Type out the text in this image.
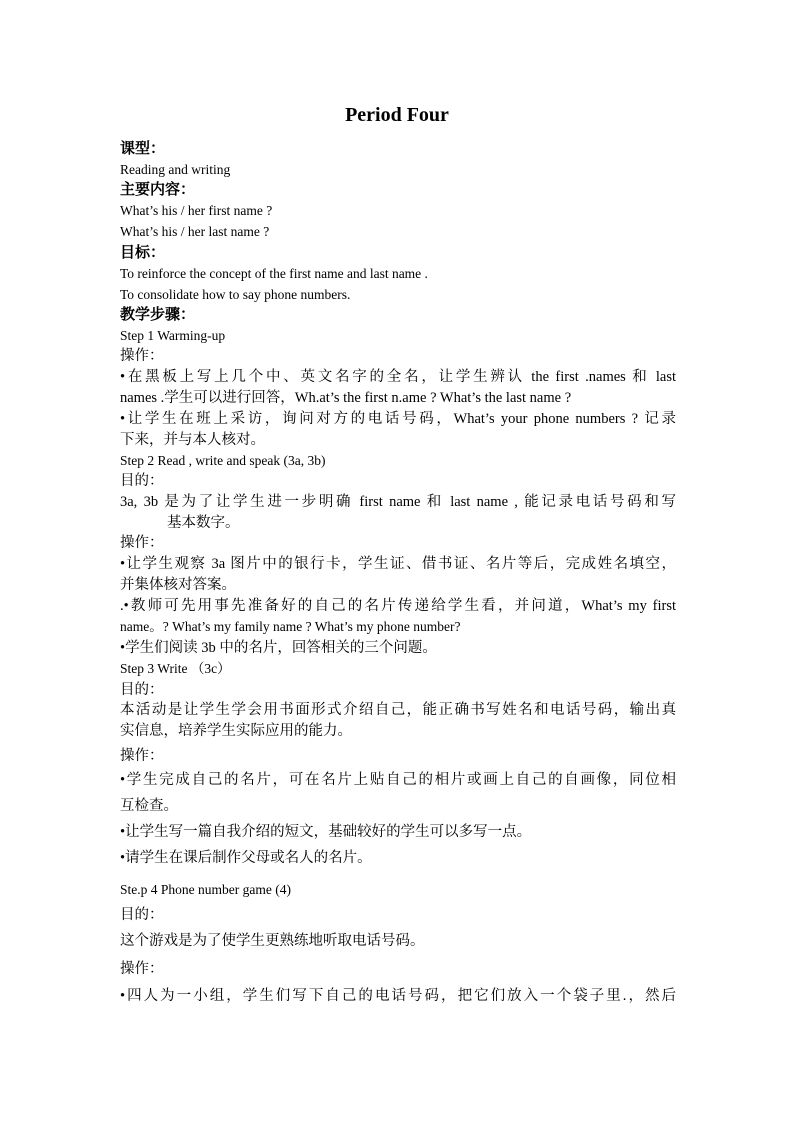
Period Four
课型：
Reading and writing
主要内容：
What’s his / her first name ?
What’s his / her last name ?
目标：
To reinforce the concept of the first name and last name .
To consolidate how to say phone numbers.
教学步骤：
Step 1 Warming-up
操作：
•在黑板上写上几个中、英文名字的全名，让学生辨认 the first .names 和 last
names .学生可以进行回答，Wh.at’s the first n.ame ? What’s the last name ?
•让学生在班上采访，询问对方的电话号码，What’s your phone numbers ? 记录
下来，并与本人核对。
Step 2 Read , write and speak (3a, 3b)
目的：
3a, 3b 是为了让学生进一步明确 first name 和 last name , 能记录电话号码和写
基本数字。
操作：
•让学生观察 3a 图片中的银行卡，学生证、借书证、名片等后，完成姓名填空，
并集体核对答案。
.•教师可先用事先准备好的自己的名片传递给学生看，并问道，What’s my first
name。? What’s my family name ? What’s my phone number?
•学生们阅读 3b 中的名片，回答相关的三个问题。
Step 3 Write （3c）
目的：
本活动是让学生学会用书面形式介绍自己，能正确书写姓名和电话号码，输出真
实信息，培养学生实际应用的能力。
操作：
•学生完成自己的名片，可在名片上贴自己的相片或画上自己的自画像，同位相
互检查。
•让学生写一篇自我介绍的短文，基础较好的学生可以多写一点。
•请学生在课后制作父母或名人的名片。
Ste.p 4 Phone number game (4)
目的：
这个游戏是为了使学生更熟练地听取电话号码。
操作：
•四人为一小组，学生们写下自己的电话号码，把它们放入一个袋子里.，然后
